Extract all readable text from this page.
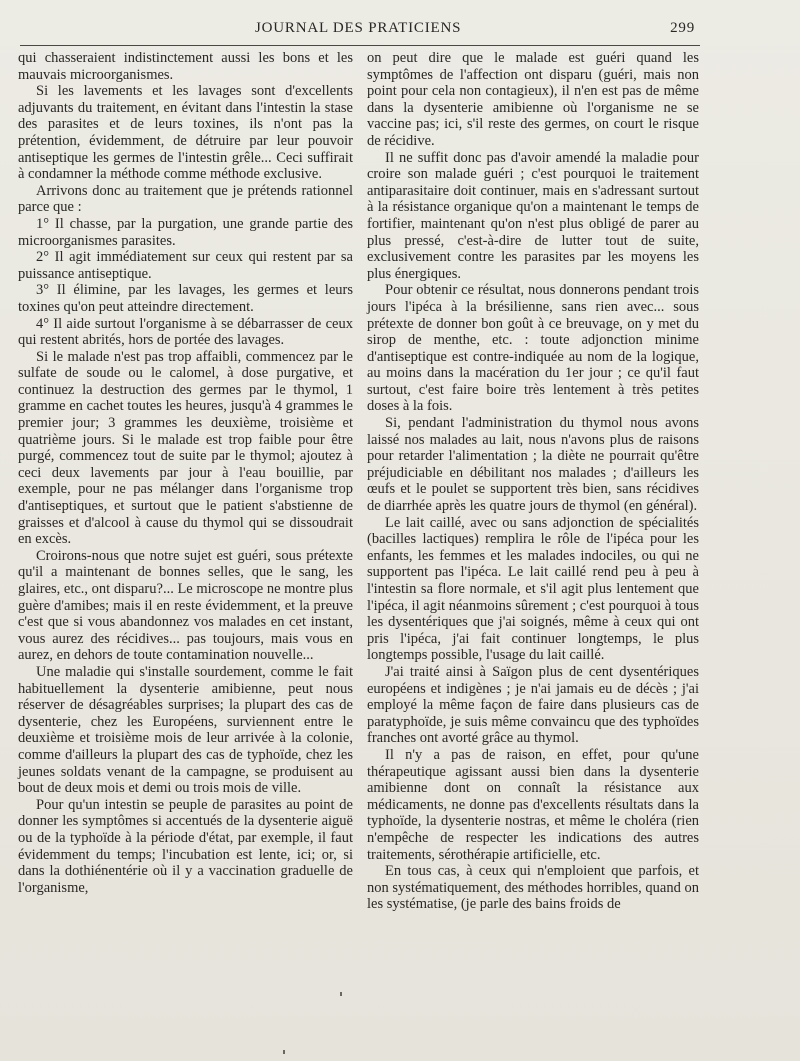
JOURNAL DES PRATICIENS	299

qui chasseraient indistinctement aussi les bons et les mauvais microorganismes.

Si les lavements et les lavages sont d'excellents adjuvants du traitement, en évitant dans l'intestin la stase des parasites et de leurs toxines, ils n'ont pas la prétention, évidemment, de détruire par leur pouvoir antiseptique les germes de l'intestin grêle... Ceci suffirait à condamner la méthode comme méthode exclusive.

Arrivons donc au traitement que je prétends rationnel parce que :

1° Il chasse, par la purgation, une grande partie des microorganismes parasites.

2° Il agit immédiatement sur ceux qui restent par sa puissance antiseptique.

3° Il élimine, par les lavages, les germes et leurs toxines qu'on peut atteindre directement.

4° Il aide surtout l'organisme à se débarrasser de ceux qui restent abrités, hors de portée des lavages.

Si le malade n'est pas trop affaibli, commencez par le sulfate de soude ou le calomel, à dose purgative, et continuez la destruction des germes par le thymol, 1 gramme en cachet toutes les heures, jusqu'à 4 grammes le premier jour; 3 grammes les deuxième, troisième et quatrième jours. Si le malade est trop faible pour être purgé, commencez tout de suite par le thymol; ajoutez à ceci deux lavements par jour à l'eau bouillie, par exemple, pour ne pas mélanger dans l'organisme trop d'antiseptiques, et surtout que le patient s'abstienne de graisses et d'alcool à cause du thymol qui se dissoudrait en excès.

Croirons-nous que notre sujet est guéri, sous prétexte qu'il a maintenant de bonnes selles, que le sang, les glaires, etc., ont disparu?... Le microscope ne montre plus guère d'amibes; mais il en reste évidemment, et la preuve c'est que si vous abandonnez vos malades en cet instant, vous aurez des récidives... pas toujours, mais vous en aurez, en dehors de toute contamination nouvelle...

Une maladie qui s'installe sourdement, comme le fait habituellement la dysenterie amibienne, peut nous réserver de désagréables surprises; la plupart des cas de dysenterie, chez les Européens, surviennent entre le deuxième et troisième mois de leur arrivée à la colonie, comme d'ailleurs la plupart des cas de typhoïde, chez les jeunes soldats venant de la campagne, se produisent au bout de deux mois et demi ou trois mois de ville.

Pour qu'un intestin se peuple de parasites au point de donner les symptômes si accentués de la dysenterie aiguë ou de la typhoïde à la période d'état, par exemple, il faut évidemment du temps; l'incubation est lente, ici; or, si dans la dothiénentérie où il y a vaccination graduelle de l'organisme,

on peut dire que le malade est guéri quand les symptômes de l'affection ont disparu (guéri, mais non point pour cela non contagieux), il n'en est pas de même dans la dysenterie amibienne où l'organisme ne se vaccine pas; ici, s'il reste des germes, on court le risque de récidive.

Il ne suffit donc pas d'avoir amendé la maladie pour croire son malade guéri ; c'est pourquoi le traitement antiparasitaire doit continuer, mais en s'adressant surtout à la résistance organique qu'on a maintenant le temps de fortifier, maintenant qu'on n'est plus obligé de parer au plus pressé, c'est-à-dire de lutter tout de suite, exclusivement contre les parasites par les moyens les plus énergiques.

Pour obtenir ce résultat, nous donnerons pendant trois jours l'ipéca à la brésilienne, sans rien avec... sous prétexte de donner bon goût à ce breuvage, on y met du sirop de menthe, etc. : toute adjonction minime d'antiseptique est contre-indiquée au nom de la logique, au moins dans la macération du 1er jour ; ce qu'il faut surtout, c'est faire boire très lentement à très petites doses à la fois.

Si, pendant l'administration du thymol nous avons laissé nos malades au lait, nous n'avons plus de raisons pour retarder l'alimentation ; la diète ne pourrait qu'être préjudiciable en débilitant nos malades ; d'ailleurs les œufs et le poulet se supportent très bien, sans récidives de diarrhée après les quatre jours de thymol (en général).

Le lait caillé, avec ou sans adjonction de spécialités (bacilles lactiques) remplira le rôle de l'ipéca pour les enfants, les femmes et les malades indociles, ou qui ne supportent pas l'ipéca. Le lait caillé rend peu à peu à l'intestin sa flore normale, et s'il agit plus lentement que l'ipéca, il agit néanmoins sûrement ; c'est pourquoi à tous les dysentériques que j'ai soignés, même à ceux qui ont pris l'ipéca, j'ai fait continuer longtemps, le plus longtemps possible, l'usage du lait caillé.

J'ai traité ainsi à Saïgon plus de cent dysentériques européens et indigènes ; je n'ai jamais eu de décès ; j'ai employé la même façon de faire dans plusieurs cas de paratyphoïde, je suis même convaincu que des typhoïdes franches ont avorté grâce au thymol.

Il n'y a pas de raison, en effet, pour qu'une thérapeutique agissant aussi bien dans la dysenterie amibienne dont on connaît la résistance aux médicaments, ne donne pas d'excellents résultats dans la typhoïde, la dysenterie nostras, et même le choléra (rien n'empêche de respecter les indications des autres traitements, sérothérapie artificielle, etc.

En tous cas, à ceux qui n'emploient que parfois, et non systématiquement, des méthodes horribles, quand on les systématise, (je parle des bains froids de
